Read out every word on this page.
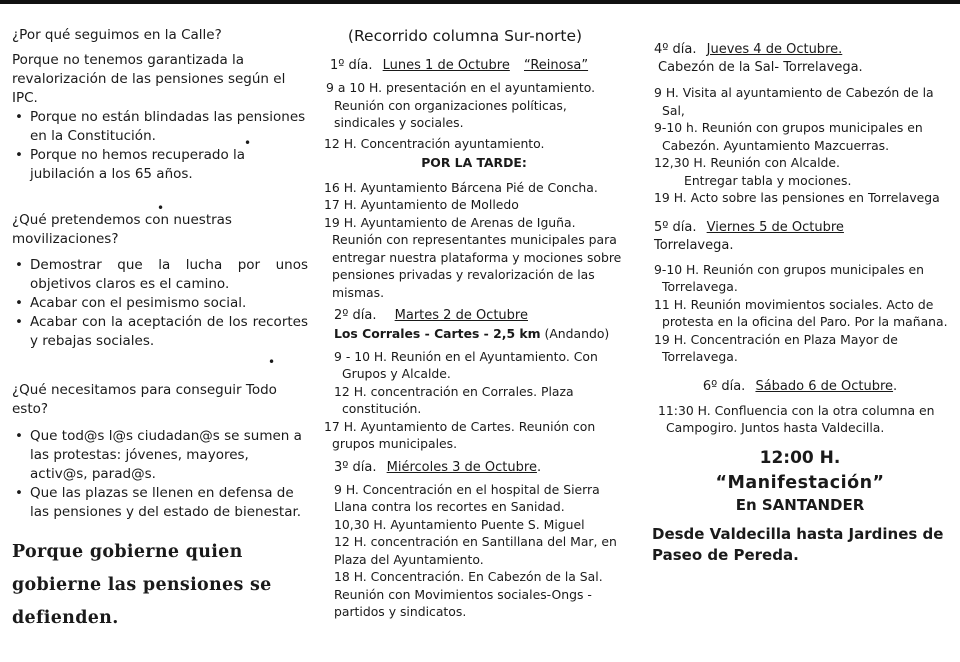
¿Por qué seguimos en la Calle?

Porque no tenemos garantizada la revalorización de las pensiones según el IPC.

• Porque no están blindadas las pensiones en la Constitución.
• Porque no hemos recuperado la jubilación a los 65 años.

¿Qué pretendemos con nuestras movilizaciones?

• Demostrar que la lucha por unos objetivos claros es el camino.
• Acabar con el pesimismo social.
• Acabar con la aceptación de los recortes y rebajas sociales.

¿Qué necesitamos para conseguir Todo esto?

• Que tod@s l@s ciudadan@s se sumen a las protestas: jóvenes, mayores, activ@s, parad@s.
• Que las plazas se llenen en defensa de las pensiones y del estado de bienestar.

Porque gobierne quien

gobierne las pensiones se

defienden.

•
•
•

(Recorrido columna Sur-norte)

1º día. Lunes 1 de Octubre “Reinosa”

9 a 10 H. presentación en el ayuntamiento. Reunión con organizaciones políticas, sindicales y sociales.

12 H. Concentración ayuntamiento.

POR LA TARDE:

16 H. Ayuntamiento Bárcena Pié de Concha.

17 H. Ayuntamiento de Molledo

19 H. Ayuntamiento de Arenas de Iguña. Reunión con representantes municipales para entregar nuestra plataforma y mociones sobre pensiones privadas y revalorización de las mismas.

2º día. Martes 2 de Octubre

Los Corrales - Cartes - 2,5 km (Andando)

9 - 10 H. Reunión en el Ayuntamiento. Con Grupos y Alcalde.

12 H. concentración en Corrales. Plaza constitución.

17 H. Ayuntamiento de Cartes. Reunión con grupos municipales.

3º día. Miércoles 3 de Octubre.

9 H. Concentración en el hospital de Sierra Llana contra los recortes en Sanidad.

10,30 H. Ayuntamiento Puente S. Miguel

12 H. concentración en Santillana del Mar, en Plaza del Ayuntamiento.

18 H. Concentración. En Cabezón de la Sal. Reunión con Movimientos sociales-Ongs - partidos y sindicatos.

4º día. Jueves 4 de Octubre.

Cabezón de la Sal- Torrelavega.

9 H. Visita al ayuntamiento de Cabezón de la Sal,

9-10 h. Reunión con grupos municipales en Cabezón. Ayuntamiento Mazcuerras.

12,30 H. Reunión con Alcalde.

Entregar tabla y mociones.

19 H. Acto sobre las pensiones en Torrelavega

5º día. Viernes 5 de Octubre

Torrelavega.

9-10 H. Reunión con grupos municipales en Torrelavega.

11 H. Reunión movimientos sociales. Acto de protesta en la oficina del Paro. Por la mañana.

19 H. Concentración en Plaza Mayor de Torrelavega.

6º día. Sábado 6 de Octubre.

11:30 H. Confluencia con la otra columna en Campogiro. Juntos hasta Valdecilla.

12:00 H.

“Manifestación”

En SANTANDER

Desde Valdecilla hasta Jardines de Paseo de Pereda.
